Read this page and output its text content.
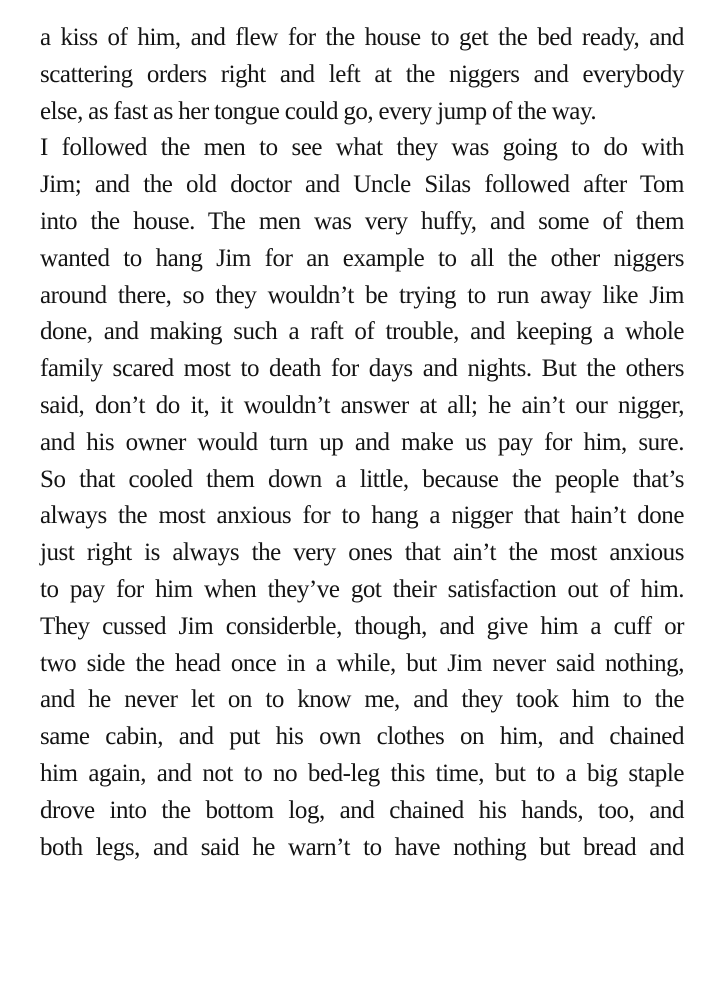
a kiss of him, and flew for the house to get the bed ready, and
scattering orders right and left at the niggers and everybody
else, as fast as her tongue could go, every jump of the way.
I followed the men to see what they was going to do with
Jim; and the old doctor and Uncle Silas followed after Tom
into the house. The men was very huffy, and some of them
wanted to hang Jim for an example to all the other niggers
around there, so they wouldn’t be trying to run away like Jim
done, and making such a raft of trouble, and keeping a whole
family scared most to death for days and nights. But the others
said, don’t do it, it wouldn’t answer at all; he ain’t our nigger,
and his owner would turn up and make us pay for him, sure.
So that cooled them down a little, because the people that’s
always the most anxious for to hang a nigger that hain’t done
just right is always the very ones that ain’t the most anxious
to pay for him when they’ve got their satisfaction out of him.
They cussed Jim considerble, though, and give him a cuff or
two side the head once in a while, but Jim never said nothing,
and he never let on to know me, and they took him to the
same cabin, and put his own clothes on him, and chained
him again, and not to no bed-leg this time, but to a big staple
drove into the bottom log, and chained his hands, too, and
both legs, and said he warn’t to have nothing but bread and
